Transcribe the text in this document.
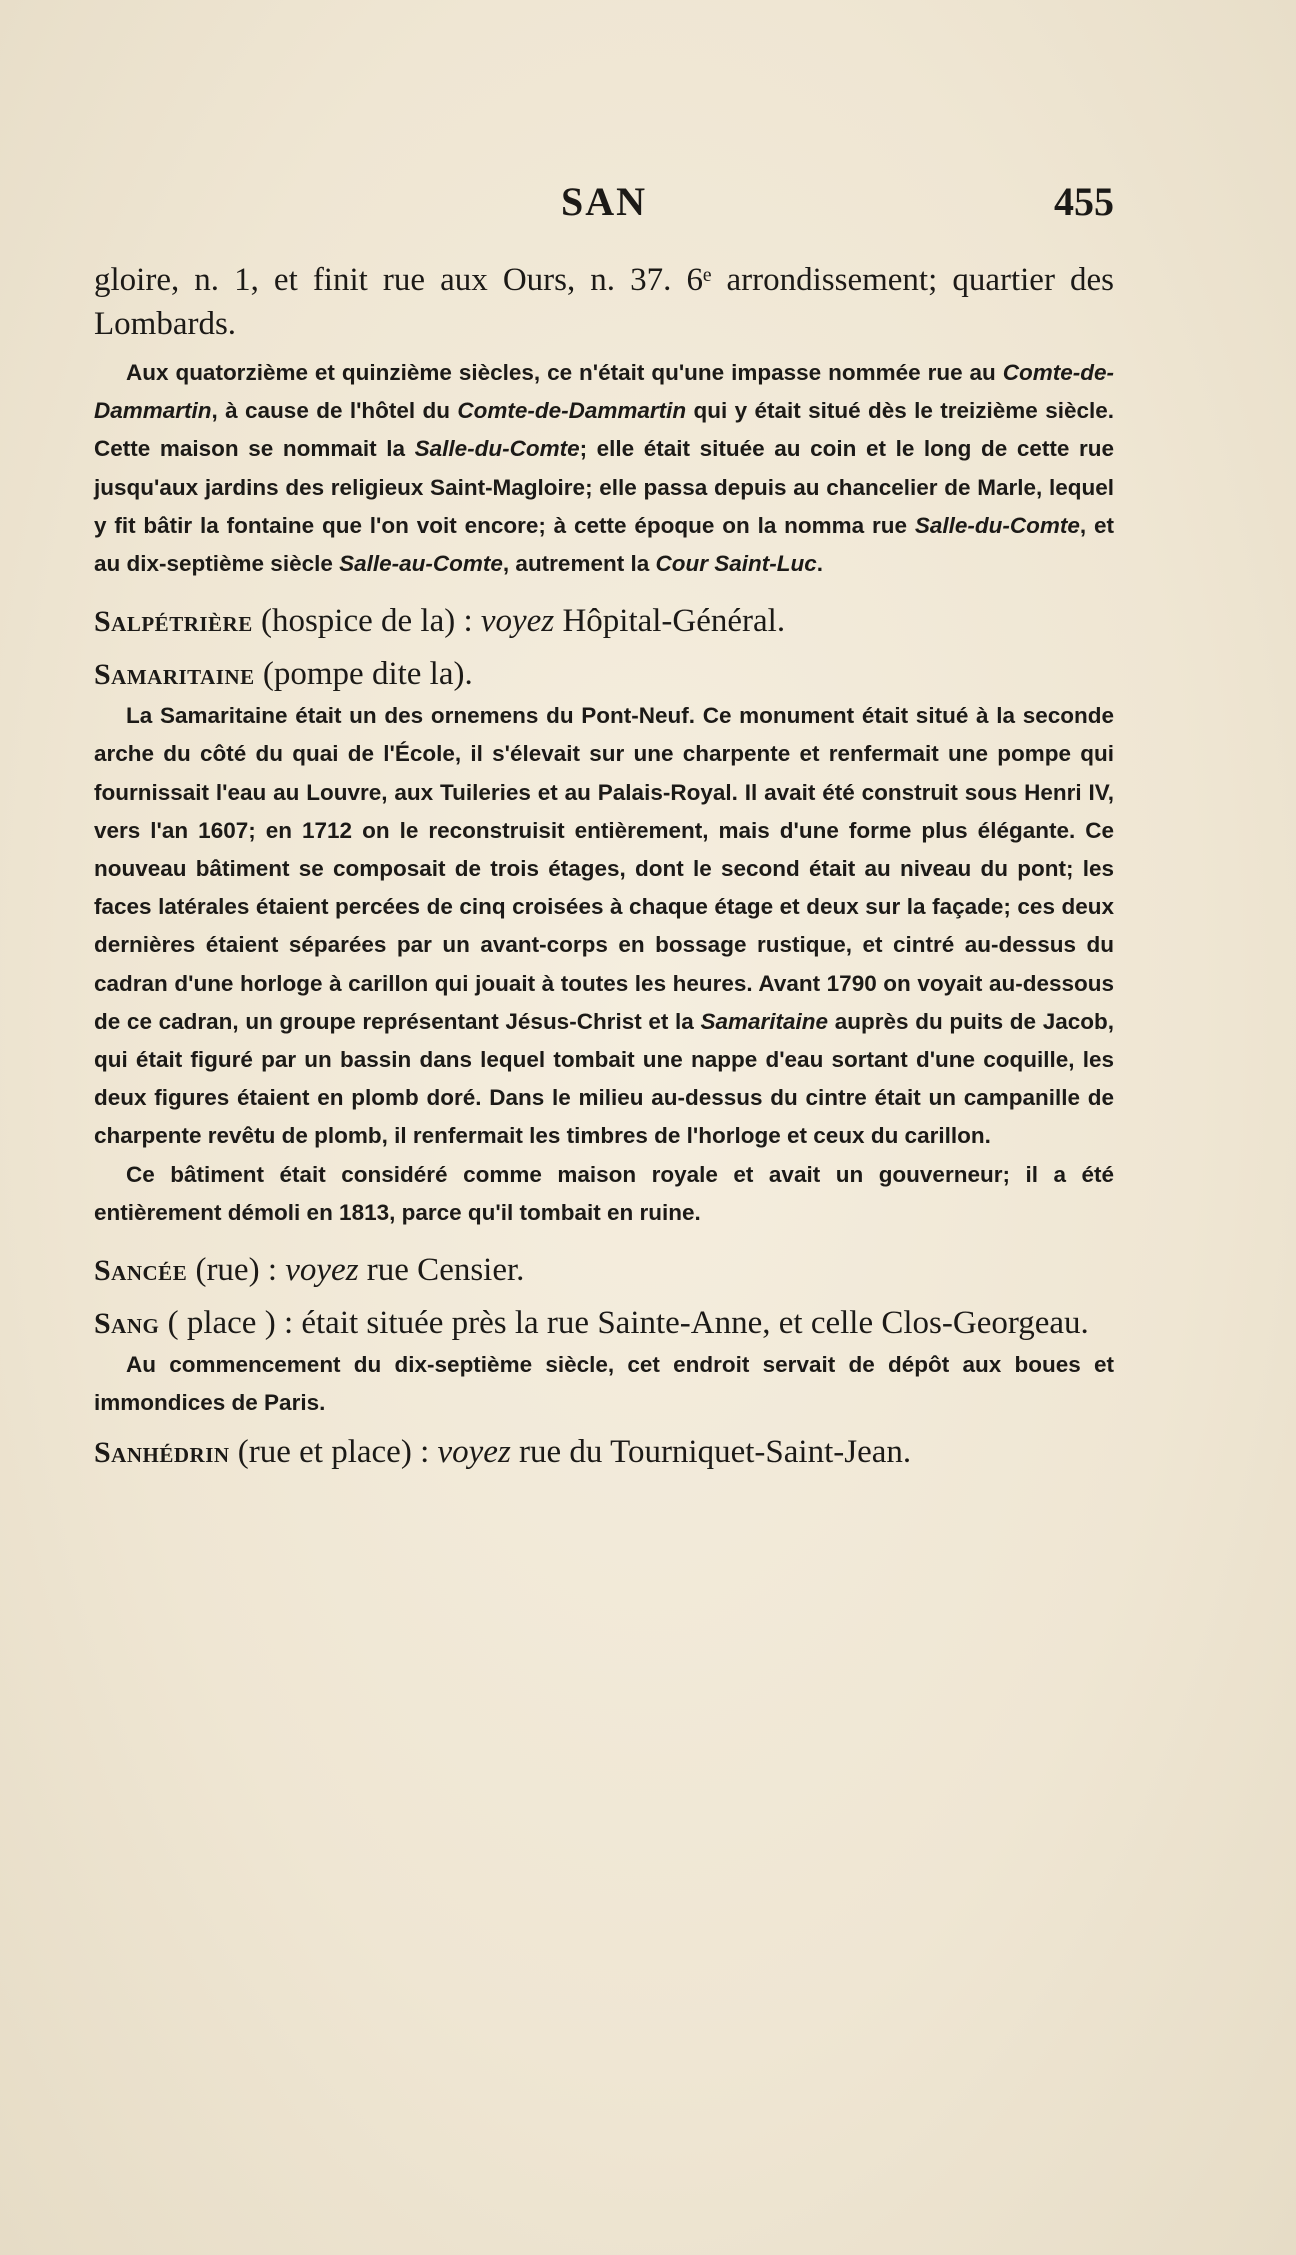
SAN	455

gloire, n. 1, et finit rue aux Ours, n. 37. 6ᵉ arrondissement; quartier des Lombards.

Aux quatorzième et quinzième siècles, ce n'était qu'une impasse nommée rue au Comte-de-Dammartin, à cause de l'hôtel du Comte-de-Dammartin qui y était situé dès le treizième siècle. Cette maison se nommait la Salle-du-Comte; elle était située au coin et le long de cette rue jusqu'aux jardins des religieux Saint-Magloire; elle passa depuis au chancelier de Marle, lequel y fit bâtir la fontaine que l'on voit encore; à cette époque on la nomma rue Salle-du-Comte, et au dix-septième siècle Salle-au-Comte, autrement la Cour Saint-Luc.

Salpétrière (hospice de la) : voyez Hôpital-Général.

Samaritaine (pompe dite la).

La Samaritaine était un des ornemens du Pont-Neuf. Ce monument était situé à la seconde arche du côté du quai de l'École, il s'élevait sur une charpente et renfermait une pompe qui fournissait l'eau au Louvre, aux Tuileries et au Palais-Royal. Il avait été construit sous Henri IV, vers l'an 1607; en 1712 on le reconstruisit entièrement, mais d'une forme plus élégante. Ce nouveau bâtiment se composait de trois étages, dont le second était au niveau du pont; les faces latérales étaient percées de cinq croisées à chaque étage et deux sur la façade; ces deux dernières étaient séparées par un avant-corps en bossage rustique, et cintré au-dessus du cadran d'une horloge à carillon qui jouait à toutes les heures. Avant 1790 on voyait au-dessous de ce cadran, un groupe représentant Jésus-Christ et la Samaritaine auprès du puits de Jacob, qui était figuré par un bassin dans lequel tombait une nappe d'eau sortant d'une coquille, les deux figures étaient en plomb doré. Dans le milieu au-dessus du cintre était un campanille de charpente revêtu de plomb, il renfermait les timbres de l'horloge et ceux du carillon.

Ce bâtiment était considéré comme maison royale et avait un gouverneur; il a été entièrement démoli en 1813, parce qu'il tombait en ruine.

Sancée (rue) : voyez rue Censier.

Sang ( place ) : était située près la rue Sainte-Anne, et celle Clos-Georgeau.

Au commencement du dix-septième siècle, cet endroit servait de dépôt aux boues et immondices de Paris.

Sanhédrin (rue et place) : voyez rue du Tourniquet-Saint-Jean.
